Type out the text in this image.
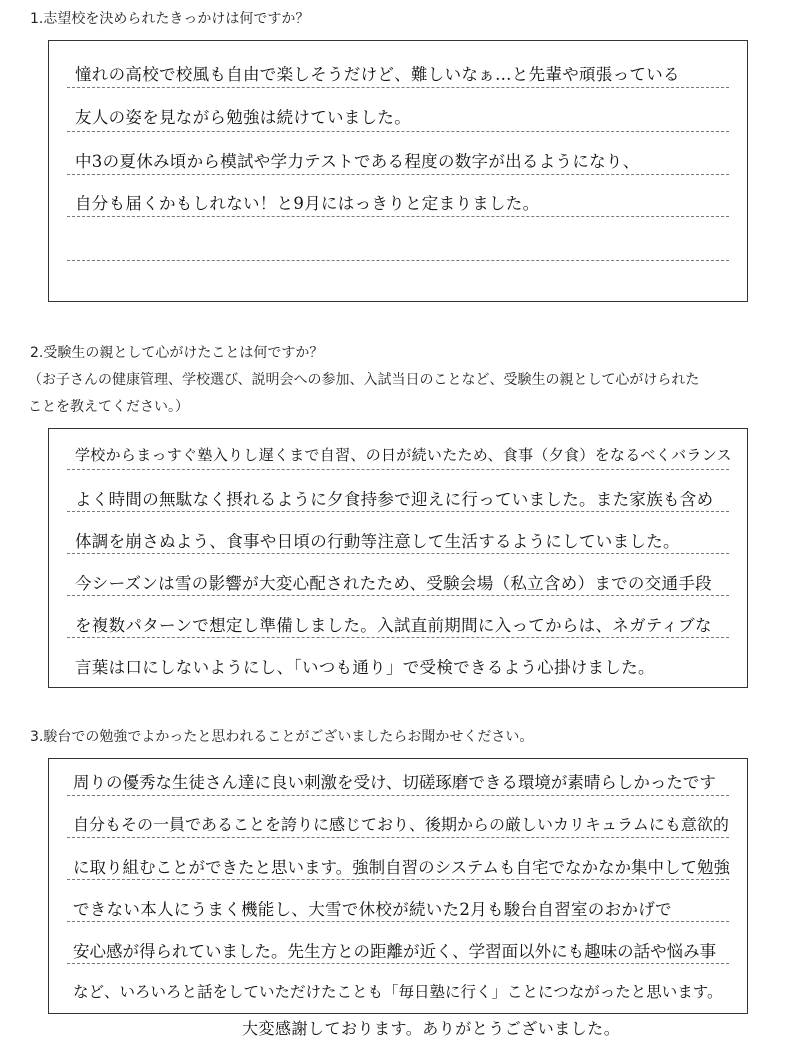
1.志望校を決められたきっかけは何ですか？
憧れの高校で校風も自由で楽しそうだけど、難しいなぁ…と先輩や頑張っている
友人の姿を見ながら勉強は続けていました。
中3の夏休み頃から模試や学力テストである程度の数字が出るようになり、
自分も届くかもしれない！と9月にはっきりと定まりました。
2.受験生の親として心がけたことは何ですか？
（お子さんの健康管理、学校選び、説明会への参加、入試当日のことなど、受験生の親として心がけられた
ことを教えてください。）
学校からまっすぐ塾入りし遅くまで自習、の日が続いたため、食事（夕食）をなるべくバランス
よく時間の無駄なく摂れるように夕食持参で迎えに行っていました。また家族も含め
体調を崩さぬよう、食事や日頃の行動等注意して生活するようにしていました。
今シーズンは雪の影響が大変心配されたため、受験会場（私立含め）までの交通手段
を複数パターンで想定し準備しました。入試直前期間に入ってからは、ネガティブな
言葉は口にしないようにし、「いつも通り」で受検できるよう心掛けました。
3.駿台での勉強でよかったと思われることがございましたらお聞かせください。
周りの優秀な生徒さん達に良い刺激を受け、切磋琢磨できる環境が素晴らしかったです
自分もその一員であることを誇りに感じており、後期からの厳しいカリキュラムにも意欲的
に取り組むことができたと思います。強制自習のシステムも自宅でなかなか集中して勉強
できない本人にうまく機能し、大雪で休校が続いた2月も駿台自習室のおかげで
安心感が得られていました。先生方との距離が近く、学習面以外にも趣味の話や悩み事
など、いろいろと話をしていただけたことも「毎日塾に行く」ことにつながったと思います。
大変感謝しております。ありがとうございました。
